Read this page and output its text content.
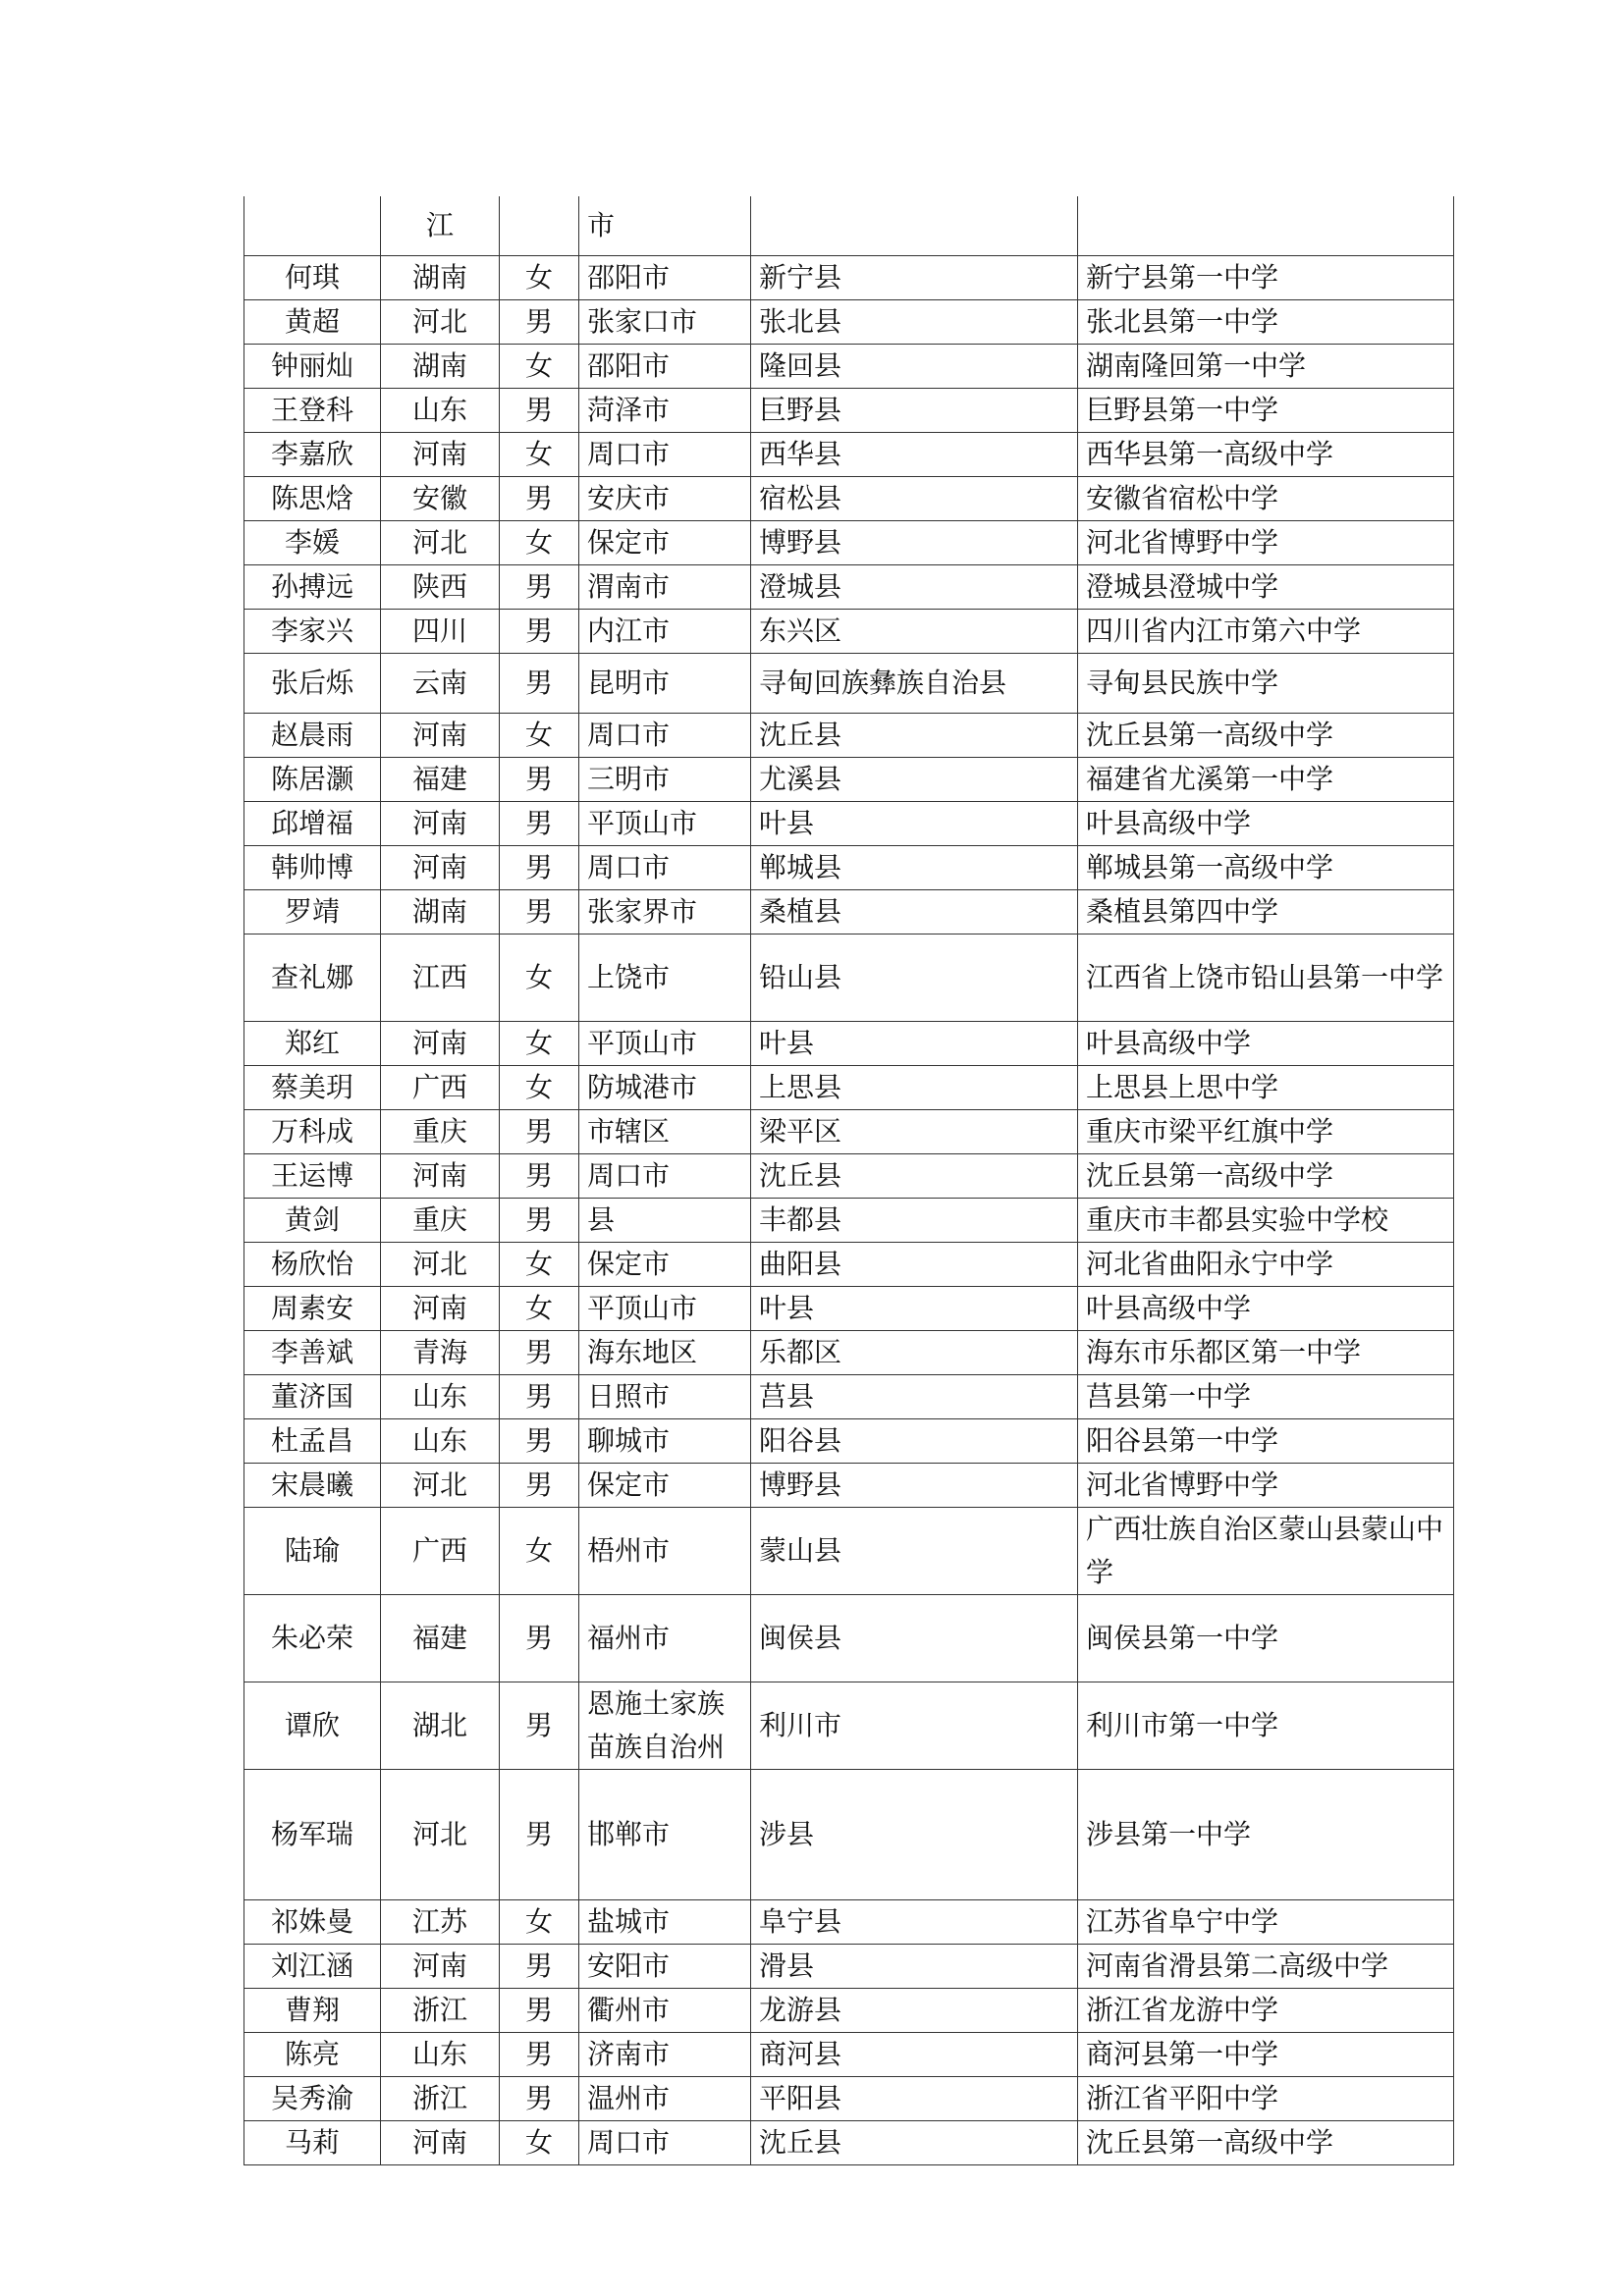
	江		市		
何琪	湖南	女	邵阳市	新宁县	新宁县第一中学
黄超	河北	男	张家口市	张北县	张北县第一中学
钟丽灿	湖南	女	邵阳市	隆回县	湖南隆回第一中学
王登科	山东	男	菏泽市	巨野县	巨野县第一中学
李嘉欣	河南	女	周口市	西华县	西华县第一高级中学
陈思焓	安徽	男	安庆市	宿松县	安徽省宿松中学
李媛	河北	女	保定市	博野县	河北省博野中学
孙搏远	陕西	男	渭南市	澄城县	澄城县澄城中学
李家兴	四川	男	内江市	东兴区	四川省内江市第六中学
张后烁	云南	男	昆明市	寻甸回族彝族自治县	寻甸县民族中学
赵晨雨	河南	女	周口市	沈丘县	沈丘县第一高级中学
陈居灏	福建	男	三明市	尤溪县	福建省尤溪第一中学
邱增福	河南	男	平顶山市	叶县	叶县高级中学
韩帅博	河南	男	周口市	郸城县	郸城县第一高级中学
罗靖	湖南	男	张家界市	桑植县	桑植县第四中学
查礼娜	江西	女	上饶市	铅山县	江西省上饶市铅山县第一中学
郑红	河南	女	平顶山市	叶县	叶县高级中学
蔡美玥	广西	女	防城港市	上思县	上思县上思中学
万科成	重庆	男	市辖区	梁平区	重庆市梁平红旗中学
王运博	河南	男	周口市	沈丘县	沈丘县第一高级中学
黄剑	重庆	男	县	丰都县	重庆市丰都县实验中学校
杨欣怡	河北	女	保定市	曲阳县	河北省曲阳永宁中学
周素安	河南	女	平顶山市	叶县	叶县高级中学
李善斌	青海	男	海东地区	乐都区	海东市乐都区第一中学
董济国	山东	男	日照市	莒县	莒县第一中学
杜孟昌	山东	男	聊城市	阳谷县	阳谷县第一中学
宋晨曦	河北	男	保定市	博野县	河北省博野中学
陆瑜	广西	女	梧州市	蒙山县	广西壮族自治区蒙山县蒙山中学
朱必荣	福建	男	福州市	闽侯县	闽侯县第一中学
谭欣	湖北	男	恩施土家族苗族自治州	利川市	利川市第一中学
杨军瑞	河北	男	邯郸市	涉县	涉县第一中学
祁姝曼	江苏	女	盐城市	阜宁县	江苏省阜宁中学
刘江涵	河南	男	安阳市	滑县	河南省滑县第二高级中学
曹翔	浙江	男	衢州市	龙游县	浙江省龙游中学
陈亮	山东	男	济南市	商河县	商河县第一中学
吴秀渝	浙江	男	温州市	平阳县	浙江省平阳中学
马莉	河南	女	周口市	沈丘县	沈丘县第一高级中学
